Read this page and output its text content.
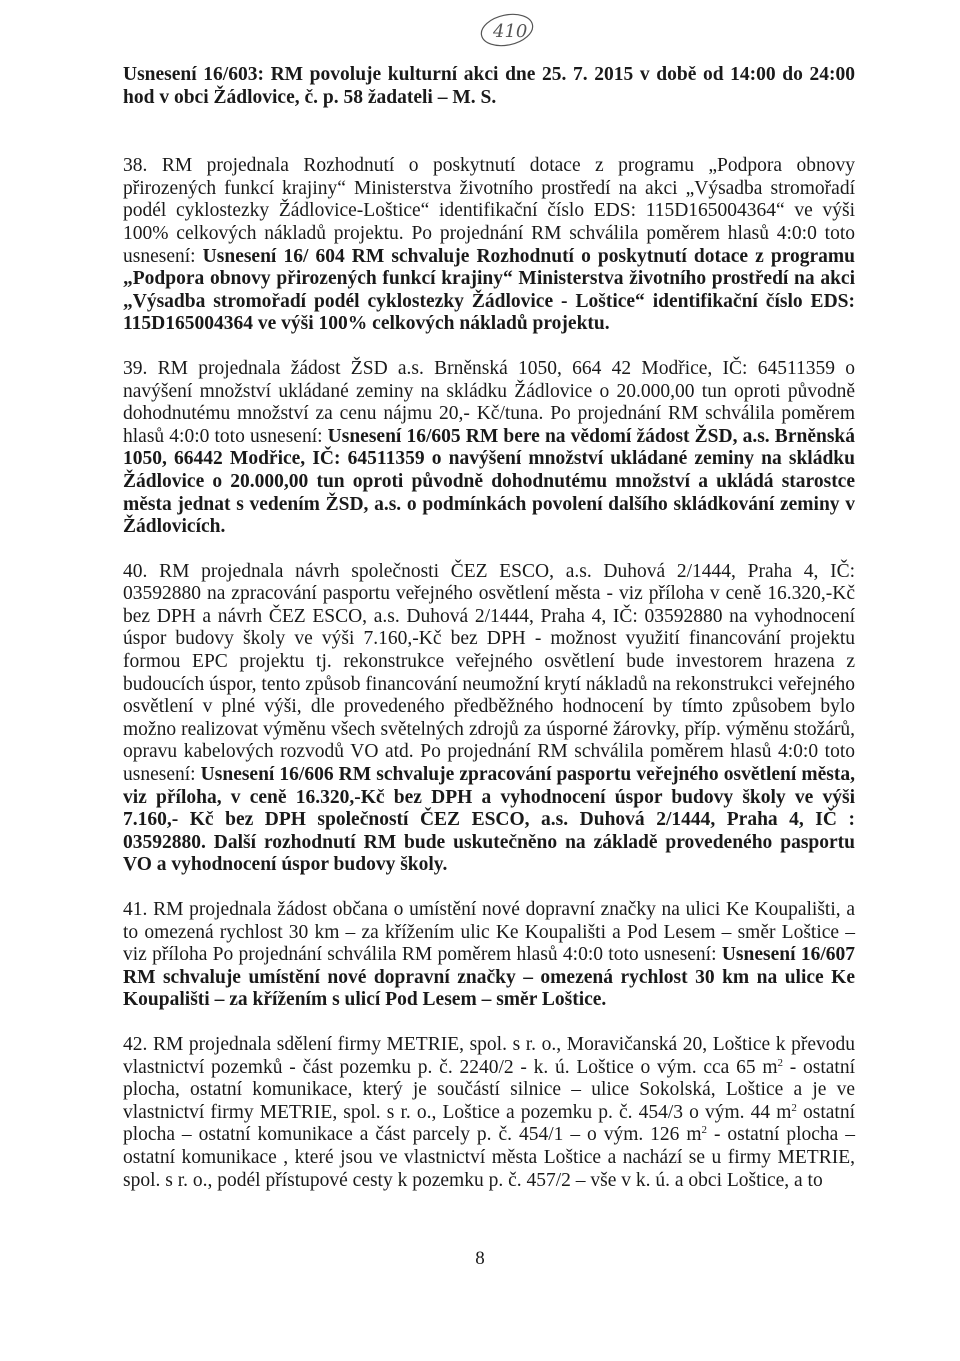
410

Usnesení 16/603: RM povoluje kulturní akci dne 25. 7. 2015 v době od 14:00 do 24:00 hod v obci Žádlovice, č. p. 58 žadateli – M. S.

38. RM projednala Rozhodnutí o poskytnutí dotace z programu „Podpora obnovy přirozených funkcí krajiny“ Ministerstva životního prostředí na akci „Výsadba stromořadí podél cyklostezky Žádlovice-Loštice“ identifikační číslo EDS: 115D165004364“ ve výši 100% celkových nákladů projektu. Po projednání RM schválila poměrem hlasů 4:0:0 toto usnesení: Usnesení 16/ 604 RM schvaluje Rozhodnutí o poskytnutí dotace z programu „Podpora obnovy přirozených funkcí krajiny“ Ministerstva životního prostředí na akci „Výsadba stromořadí podél cyklostezky Žádlovice - Loštice“ identifikační číslo EDS: 115D165004364 ve výši 100% celkových nákladů projektu.

39. RM projednala žádost ŽSD a.s. Brněnská 1050, 664 42 Modřice, IČ: 64511359 o navýšení množství ukládané zeminy na skládku Žádlovice o 20.000,00 tun oproti původně dohodnutému množství za cenu nájmu 20,- Kč/tuna. Po projednání RM schválila poměrem hlasů 4:0:0 toto usnesení: Usnesení 16/605 RM bere na vědomí žádost ŽSD, a.s. Brněnská 1050, 66442 Modřice, IČ: 64511359 o navýšení množství ukládané zeminy na skládku Žádlovice o 20.000,00 tun oproti původně dohodnutému množství a ukládá starostce města jednat s vedením ŽSD, a.s. o podmínkách povolení dalšího skládkování zeminy v Žádlovicích.

40. RM projednala návrh společnosti ČEZ ESCO, a.s. Duhová 2/1444, Praha 4, IČ: 03592880 na zpracování pasportu veřejného osvětlení města - viz příloha v ceně 16.320,-Kč bez DPH a návrh ČEZ ESCO, a.s. Duhová 2/1444, Praha 4, IČ: 03592880 na vyhodnocení úspor budovy školy ve výši 7.160,-Kč bez DPH - možnost využití financování projektu formou EPC projektu tj. rekonstrukce veřejného osvětlení bude investorem hrazena z budoucích úspor, tento způsob financování neumožní krytí nákladů na rekonstrukci veřejného osvětlení v plné výši, dle provedeného předběžného hodnocení by tímto způsobem bylo možno realizovat výměnu všech světelných zdrojů za úsporné žárovky, příp. výměnu stožárů, opravu kabelových rozvodů VO atd. Po projednání RM schválila poměrem hlasů 4:0:0 toto usnesení: Usnesení 16/606 RM schvaluje zpracování pasportu veřejného osvětlení města, viz příloha, v ceně 16.320,-Kč bez DPH a vyhodnocení úspor budovy školy ve výši 7.160,- Kč bez DPH společností ČEZ ESCO, a.s. Duhová 2/1444, Praha 4, IČ : 03592880. Další rozhodnutí RM bude uskutečněno na základě provedeného pasportu VO a vyhodnocení úspor budovy školy.

41. RM projednala žádost občana o umístění nové dopravní značky na ulici Ke Koupališti, a to omezená rychlost 30 km – za křížením ulic Ke Koupališti a Pod Lesem – směr Loštice – viz příloha Po projednání schválila RM poměrem hlasů 4:0:0 toto usnesení: Usnesení 16/607 RM schvaluje umístění nové dopravní značky – omezená rychlost 30 km na ulice Ke Koupališti – za křížením s ulicí Pod Lesem – směr Loštice.

42. RM projednala sdělení firmy METRIE, spol. s r. o., Moravičanská 20, Loštice k převodu vlastnictví pozemků - část pozemku p. č. 2240/2 - k. ú. Loštice o vým. cca 65 $m^2$ - ostatní plocha, ostatní komunikace, který je součástí silnice – ulice Sokolská, Loštice a je ve vlastnictví firmy METRIE, spol. s r. o., Loštice a pozemku p. č. 454/3 o vým. 44 $m^2$ ostatní plocha – ostatní komunikace a část parcely p. č. 454/1 – o vým. 126 $m^2$ - ostatní plocha – ostatní komunikace , které jsou ve vlastnictví města Loštice a nachází se u firmy METRIE, spol. s r. o., podél přístupové cesty k pozemku p. č. 457/2 – vše v k. ú. a obci Loštice, a to

8
